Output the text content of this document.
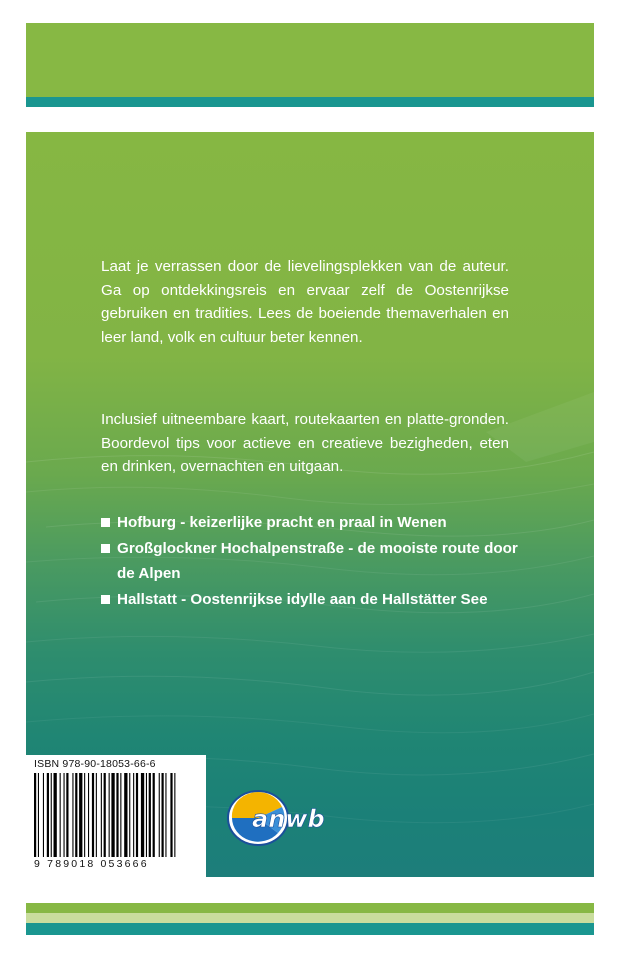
Laat je verrassen door de lievelingsplekken van de auteur. Ga op ontdekkingsreis en ervaar zelf de Oostenrijkse gebruiken en tradities. Lees de boeiende themaverhalen en leer land, volk en cultuur beter kennen.

Inclusief uitneembare kaart, routekaarten en platte-gronden. Boordevol tips voor actieve en creatieve bezigheden, eten en drinken, overnachten en uitgaan.

Hofburg - keizerlijke pracht en praal in Wenen
Großglockner Hochalpenstraße - de mooiste route door de Alpen
Hallstatt - Oostenrijkse idylle aan de Hallstätter See
ISBN 978-90-18053-66-6
9 789018 053666
anwb
